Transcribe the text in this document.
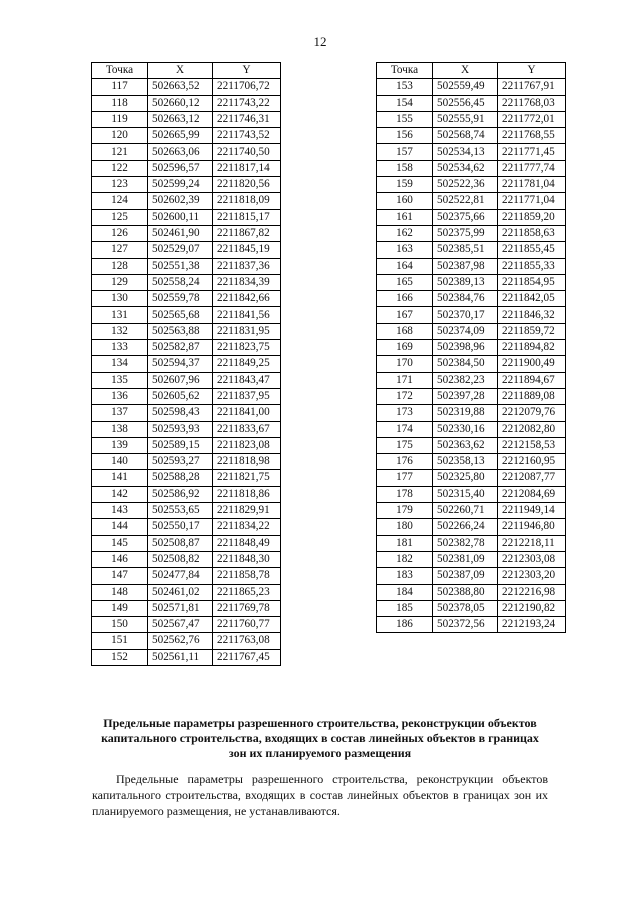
12
Точка	X	Y
117	502663,52	2211706,72
118	502660,12	2211743,22
119	502663,12	2211746,31
120	502665,99	2211743,52
121	502663,06	2211740,50
122	502596,57	2211817,14
123	502599,24	2211820,56
124	502602,39	2211818,09
125	502600,11	2211815,17
126	502461,90	2211867,82
127	502529,07	2211845,19
128	502551,38	2211837,36
129	502558,24	2211834,39
130	502559,78	2211842,66
131	502565,68	2211841,56
132	502563,88	2211831,95
133	502582,87	2211823,75
134	502594,37	2211849,25
135	502607,96	2211843,47
136	502605,62	2211837,95
137	502598,43	2211841,00
138	502593,93	2211833,67
139	502589,15	2211823,08
140	502593,27	2211818,98
141	502588,28	2211821,75
142	502586,92	2211818,86
143	502553,65	2211829,91
144	502550,17	2211834,22
145	502508,87	2211848,49
146	502508,82	2211848,30
147	502477,84	2211858,78
148	502461,02	2211865,23
149	502571,81	2211769,78
150	502567,47	2211760,77
151	502562,76	2211763,08
152	502561,11	2211767,45
Точка	X	Y
153	502559,49	2211767,91
154	502556,45	2211768,03
155	502555,91	2211772,01
156	502568,74	2211768,55
157	502534,13	2211771,45
158	502534,62	2211777,74
159	502522,36	2211781,04
160	502522,81	2211771,04
161	502375,66	2211859,20
162	502375,99	2211858,63
163	502385,51	2211855,45
164	502387,98	2211855,33
165	502389,13	2211854,95
166	502384,76	2211842,05
167	502370,17	2211846,32
168	502374,09	2211859,72
169	502398,96	2211894,82
170	502384,50	2211900,49
171	502382,23	2211894,67
172	502397,28	2211889,08
173	502319,88	2212079,76
174	502330,16	2212082,80
175	502363,62	2212158,53
176	502358,13	2212160,95
177	502325,80	2212087,77
178	502315,40	2212084,69
179	502260,71	2211949,14
180	502266,24	2211946,80
181	502382,78	2212218,11
182	502381,09	2212303,08
183	502387,09	2212303,20
184	502388,80	2212216,98
185	502378,05	2212190,82
186	502372,56	2212193,24
Предельные параметры разрешенного строительства, реконструкции объектов капитального строительства, входящих в состав линейных объектов в границах зон их планируемого размещения
Предельные параметры разрешенного строительства, реконструкции объектов капитального строительства, входящих в состав линейных объектов в границах зон их планируемого размещения, не устанавливаются.
